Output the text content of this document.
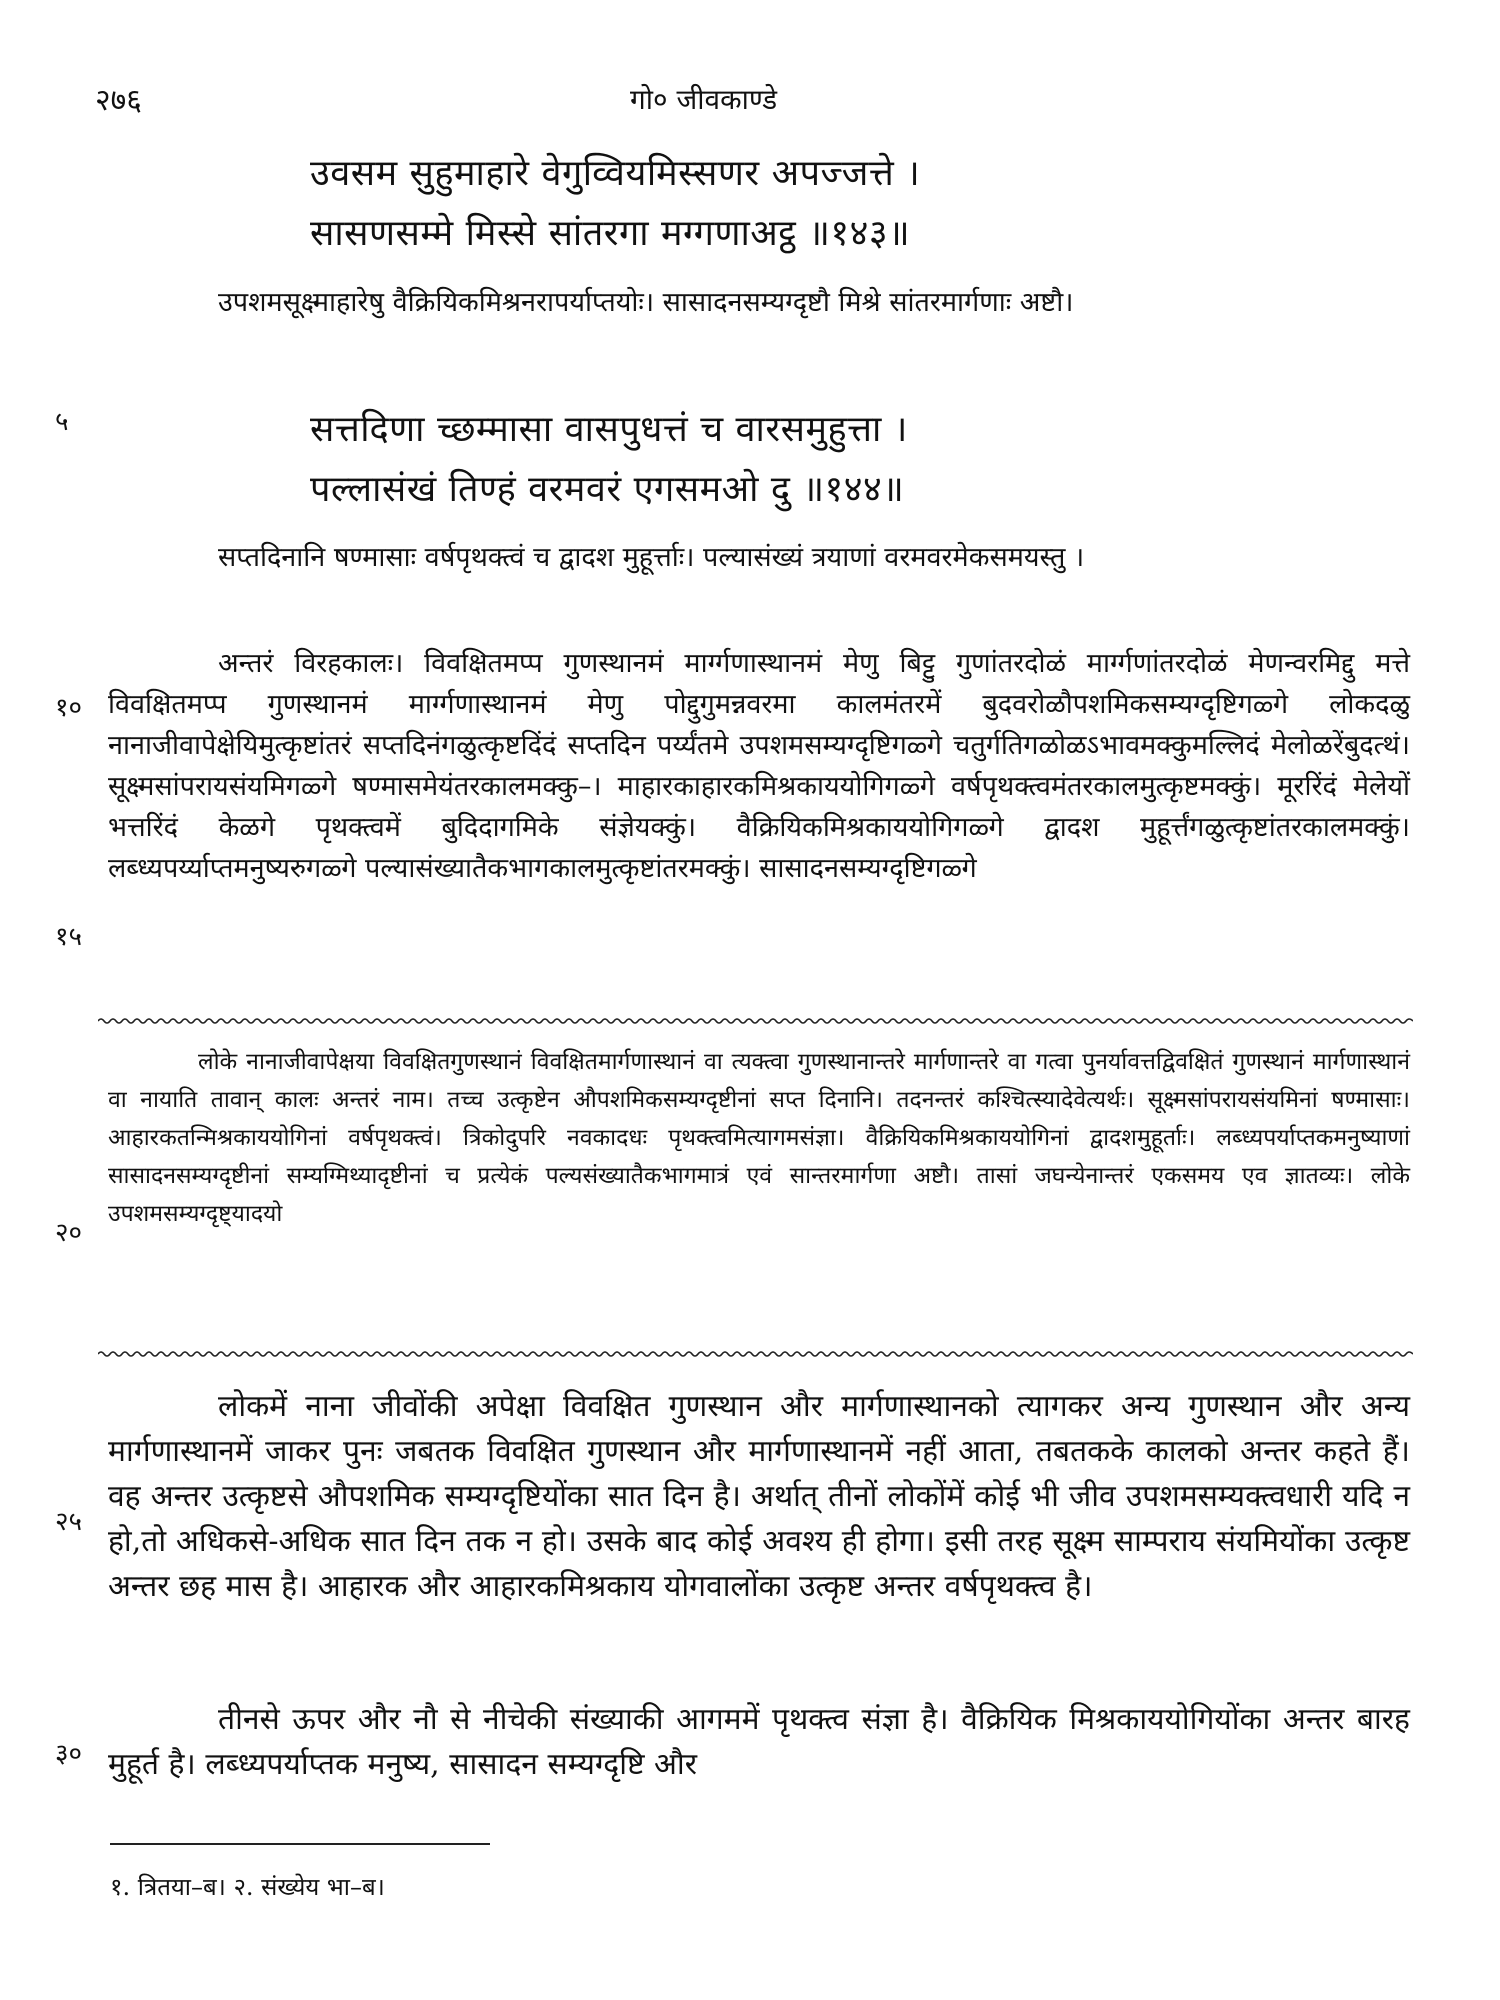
२७६	गो० जीवकाण्डे
उवसम सुहुमाहारे वेगुव्वियमिस्सणर अपज्जत्ते ।
सासणसम्मे मिस्से सांतरगा मग्गणाअट्ठ ॥१४३॥

उपशमसूक्ष्माहारेषु वैक्रियिकमिश्रनरापर्याप्तयोः। सासादनसम्यग्दृष्टौ मिश्रे सांतरमार्गणाः अष्टौ।

५	सत्तदिणा च्छम्मासा वासपुधत्तं च वारसमुहुत्ता ।
पल्लासंखं तिण्हं वरमवरं एगसमओ दु ॥१४४॥

सप्तदिनानि षण्मासाः वर्षपृथक्त्वं च द्वादश मुहूर्त्ताः। पल्यासंख्यं त्रयाणां वरमवरमेकसमयस्तु ।

१०
१५

अन्तरं विरहकालः। विवक्षितमप्प गुणस्थानमं मार्ग्गणास्थानमं मेणु बिट्टु गुणांतरदोळं मार्ग्गणांतरदोळं मेणन्वरमिद्दु मत्ते विवक्षितमप्प गुणस्थानमं मार्ग्गणास्थानमं मेणु पोद्दुगुमन्नवरमा कालमंतरमें बुदवरोळौपशमिकसम्यग्दृष्टिगळ्गे लोकदळु नानाजीवापेक्षेयिमुत्कृष्टांतरं सप्तदिनंगळुत्कृष्टदिंदं सप्तदिन पर्य्यंतमे उपशमसम्यग्दृष्टिगळ्गे चतुर्गतिगळोळऽभावमक्कुमल्लिदं मेलोळरेंबुदत्थं। सूक्ष्मसांपरायसंयमिगळ्गे षण्मासमेयंतरकालमक्कु–। माहारकाहारकमिश्रकाययोगिगळ्गे वर्षपृथक्त्वमंतरकालमुत्कृष्टमक्कुं। मूररिंदं मेलेयों भत्तरिंदं केळगे पृथक्त्वमें बुदिदागमिके संज्ञेयक्कुं। वैक्रियिकमिश्रकाययोगिगळ्गे द्वादश मुहूर्त्तंगळुत्कृष्टांतरकालमक्कुं। लब्ध्यपर्य्याप्तमनुष्यरुगळ्गे पल्यासंख्यातैकभागकालमुत्कृष्टांतरमक्कुं। सासादनसम्यग्दृष्टिगळ्गे

२०

लोके नानाजीवापेक्षया विवक्षितगुणस्थानं विवक्षितमार्गणास्थानं वा त्यक्त्वा गुणस्थानान्तरे मार्गणान्तरे वा गत्वा पुनर्यावत्तद्विवक्षितं गुणस्थानं मार्गणास्थानं वा नायाति तावान् कालः अन्तरं नाम। तच्च उत्कृष्टेन औपशमिकसम्यग्दृष्टीनां सप्त दिनानि। तदनन्तरं कश्चित्स्यादेवेत्यर्थः। सूक्ष्मसांपरायसंयमिनां षण्मासाः। आहारकतन्मिश्रकाययोगिनां वर्षपृथक्त्वं। त्रिकोदुपरि नवकादधः पृथक्त्वमित्यागमसंज्ञा। वैक्रियिकमिश्रकाययोगिनां द्वादशमुहूर्ताः। लब्ध्यपर्याप्तकमनुष्याणां सासादनसम्यग्दृष्टीनां सम्यग्मिथ्यादृष्टीनां च प्रत्येकं पल्यसंख्यातैकभागमात्रं एवं सान्तरमार्गणा अष्टौ। तासां जघन्येनान्तरं एकसमय एव ज्ञातव्यः। लोके उपशमसम्यग्दृष्ट्यादयो

२५

लोकमें नाना जीवोंकी अपेक्षा विवक्षित गुणस्थान और मार्गणास्थानको त्यागकर अन्य गुणस्थान और अन्य मार्गणास्थानमें जाकर पुनः जबतक विवक्षित गुणस्थान और मार्गणास्थानमें नहीं आता, तबतकके कालको अन्तर कहते हैं। वह अन्तर उत्कृष्टसे औपशमिक सम्यग्दृष्टियोंका सात दिन है। अर्थात् तीनों लोकोंमें कोई भी जीव उपशमसम्यक्त्वधारी यदि न हो,तो अधिकसे-अधिक सात दिन तक न हो। उसके बाद कोई अवश्य ही होगा। इसी तरह सूक्ष्म साम्पराय संयमियोंका उत्कृष्ट अन्तर छह मास है। आहारक और आहारकमिश्रकाय योगवालोंका उत्कृष्ट अन्तर वर्षपृथक्त्व है।

३०

तीनसे ऊपर और नौ से नीचेकी संख्याकी आगममें पृथक्त्व संज्ञा है। वैक्रियिक मिश्रकाययोगियोंका अन्तर बारह मुहूर्त है। लब्ध्यपर्याप्तक मनुष्य, सासादन सम्यग्दृष्टि और

१. त्रितया–ब। २. संख्येय भा–ब।
